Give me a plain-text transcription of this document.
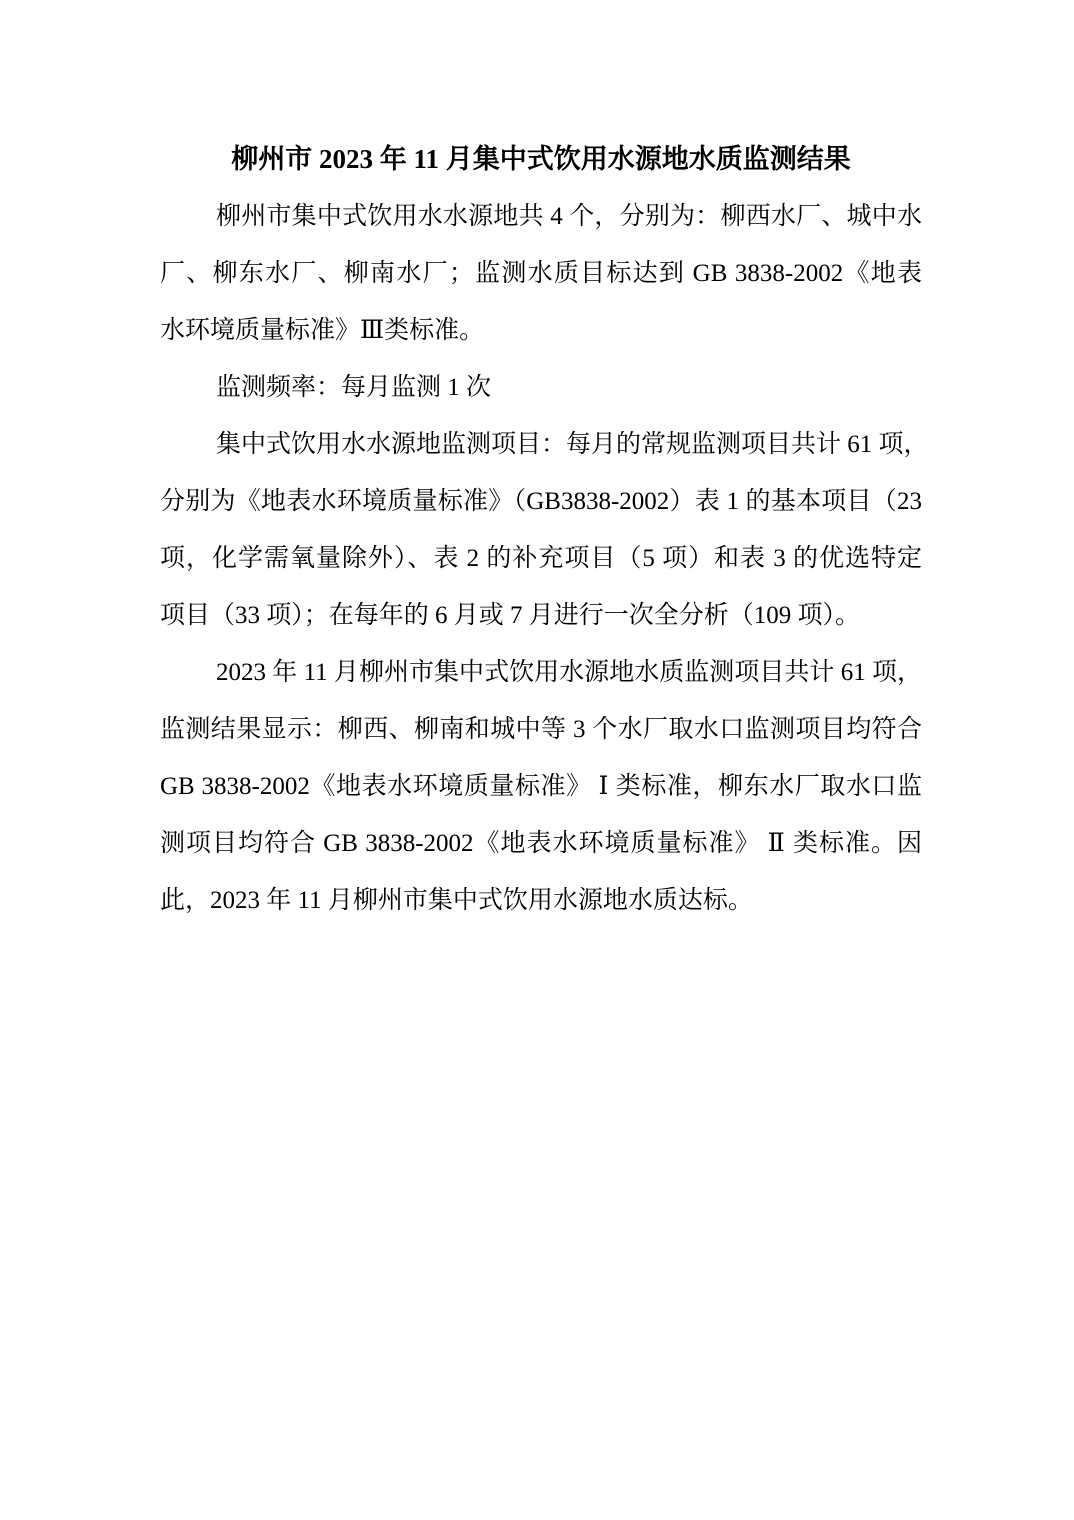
柳州市 2023 年 11 月集中式饮用水源地水质监测结果
柳州市集中式饮用水水源地共 4 个，分别为：柳西水厂、城中水
厂、柳东水厂、柳南水厂；监测水质目标达到 GB 3838-2002《地表
水环境质量标准》Ⅲ类标准。
监测频率：每月监测 1 次
集中式饮用水水源地监测项目：每月的常规监测项目共计 61 项，
分别为《地表水环境质量标准》（GB3838-2002）表 1 的基本项目（23
项，化学需氧量除外）、表 2 的补充项目（5 项）和表 3 的优选特定
项目（33 项）；在每年的 6 月或 7 月进行一次全分析（109 项）。
2023 年 11 月柳州市集中式饮用水源地水质监测项目共计 61 项，
监测结果显示：柳西、柳南和城中等 3 个水厂取水口监测项目均符合
GB 3838-2002《地表水环境质量标准》 Ⅰ 类标准，柳东水厂取水口监
测项目均符合 GB 3838-2002《地表水环境质量标准》 Ⅱ 类标准。因
此，2023 年 11 月柳州市集中式饮用水源地水质达标。
